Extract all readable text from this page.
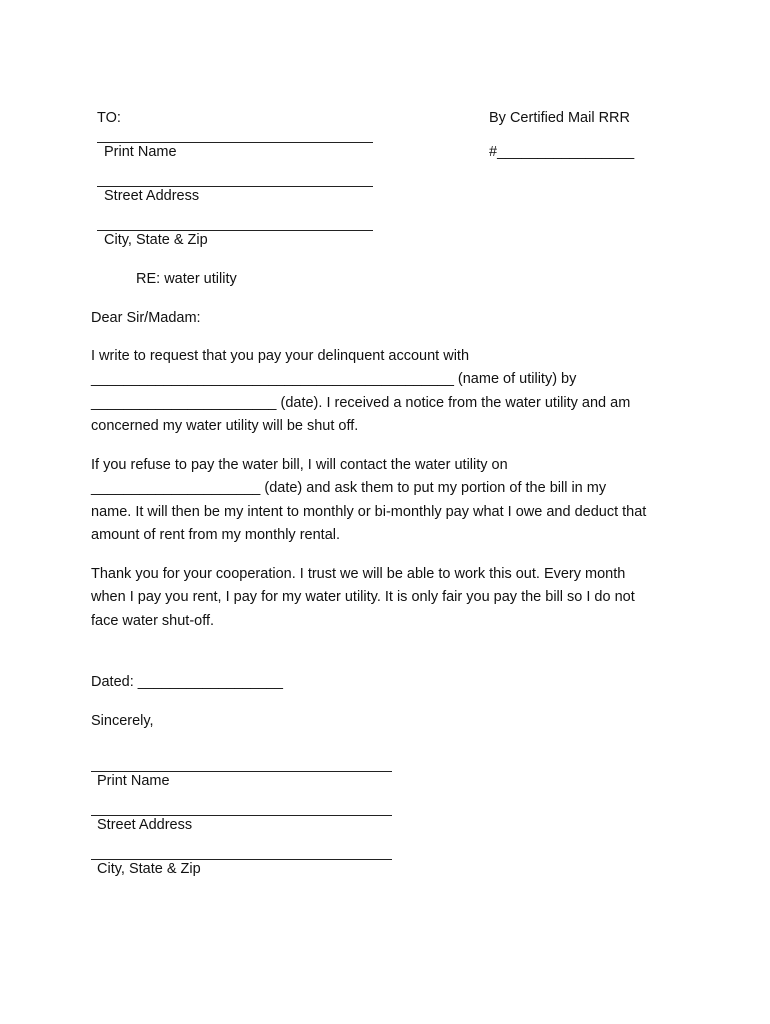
TO:	By Certified Mail RRR
#_________________
Print Name
Street Address
City, State & Zip
RE: water utility
Dear Sir/Madam:
I write to request that you pay your delinquent account with
_____________________________________________ (name of utility) by
_______________________ (date). I received a notice from the water utility and am
concerned my water utility will be shut off.
If you refuse to pay the water bill, I will contact the water utility on
_____________________ (date) and ask them to put my portion of the bill in my
name. It will then be my intent to monthly or bi-monthly pay what I owe and deduct that
amount of rent from my monthly rental.
Thank you for your cooperation. I trust we will be able to work this out. Every month
when I pay you rent, I pay for my water utility. It is only fair you pay the bill so I do not
face water shut-off.
Dated: __________________
Sincerely,
Print Name
Street Address
City, State & Zip
